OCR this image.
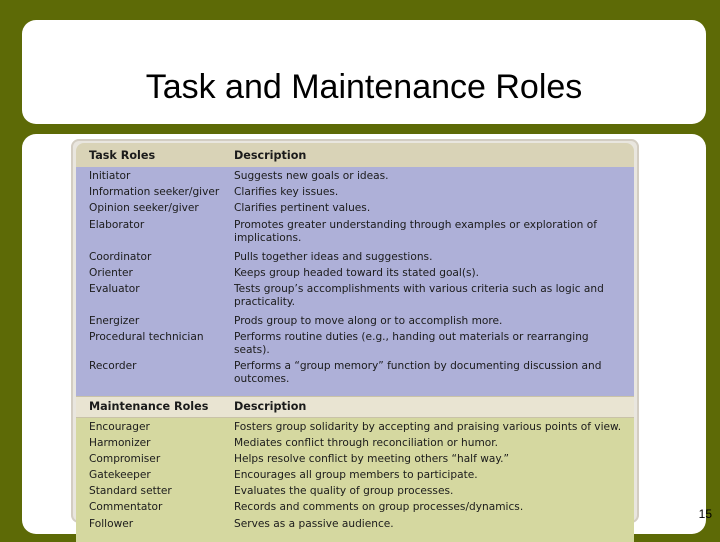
Task and Maintenance Roles
Task Roles	Description
Initiator	Suggests new goals or ideas.
Information seeker/giver	Clarifies key issues.
Opinion seeker/giver	Clarifies pertinent values.
Elaborator	Promotes greater understanding through examples or exploration of implications.
Coordinator	Pulls together ideas and suggestions.
Orienter	Keeps group headed toward its stated goal(s).
Evaluator	Tests group’s accomplishments with various criteria such as logic and practicality.
Energizer	Prods group to move along or to accomplish more.
Procedural technician	Performs routine duties (e.g., handing out materials or rearranging seats).
Recorder	Performs a “group memory” function by documenting discussion and outcomes.
Maintenance Roles	Description
Encourager	Fosters group solidarity by accepting and praising various points of view.
Harmonizer	Mediates conflict through reconciliation or humor.
Compromiser	Helps resolve conflict by meeting others “half way.”
Gatekeeper	Encourages all group members to participate.
Standard setter	Evaluates the quality of group processes.
Commentator	Records and comments on group processes/dynamics.
Follower	Serves as a passive audience.
15
